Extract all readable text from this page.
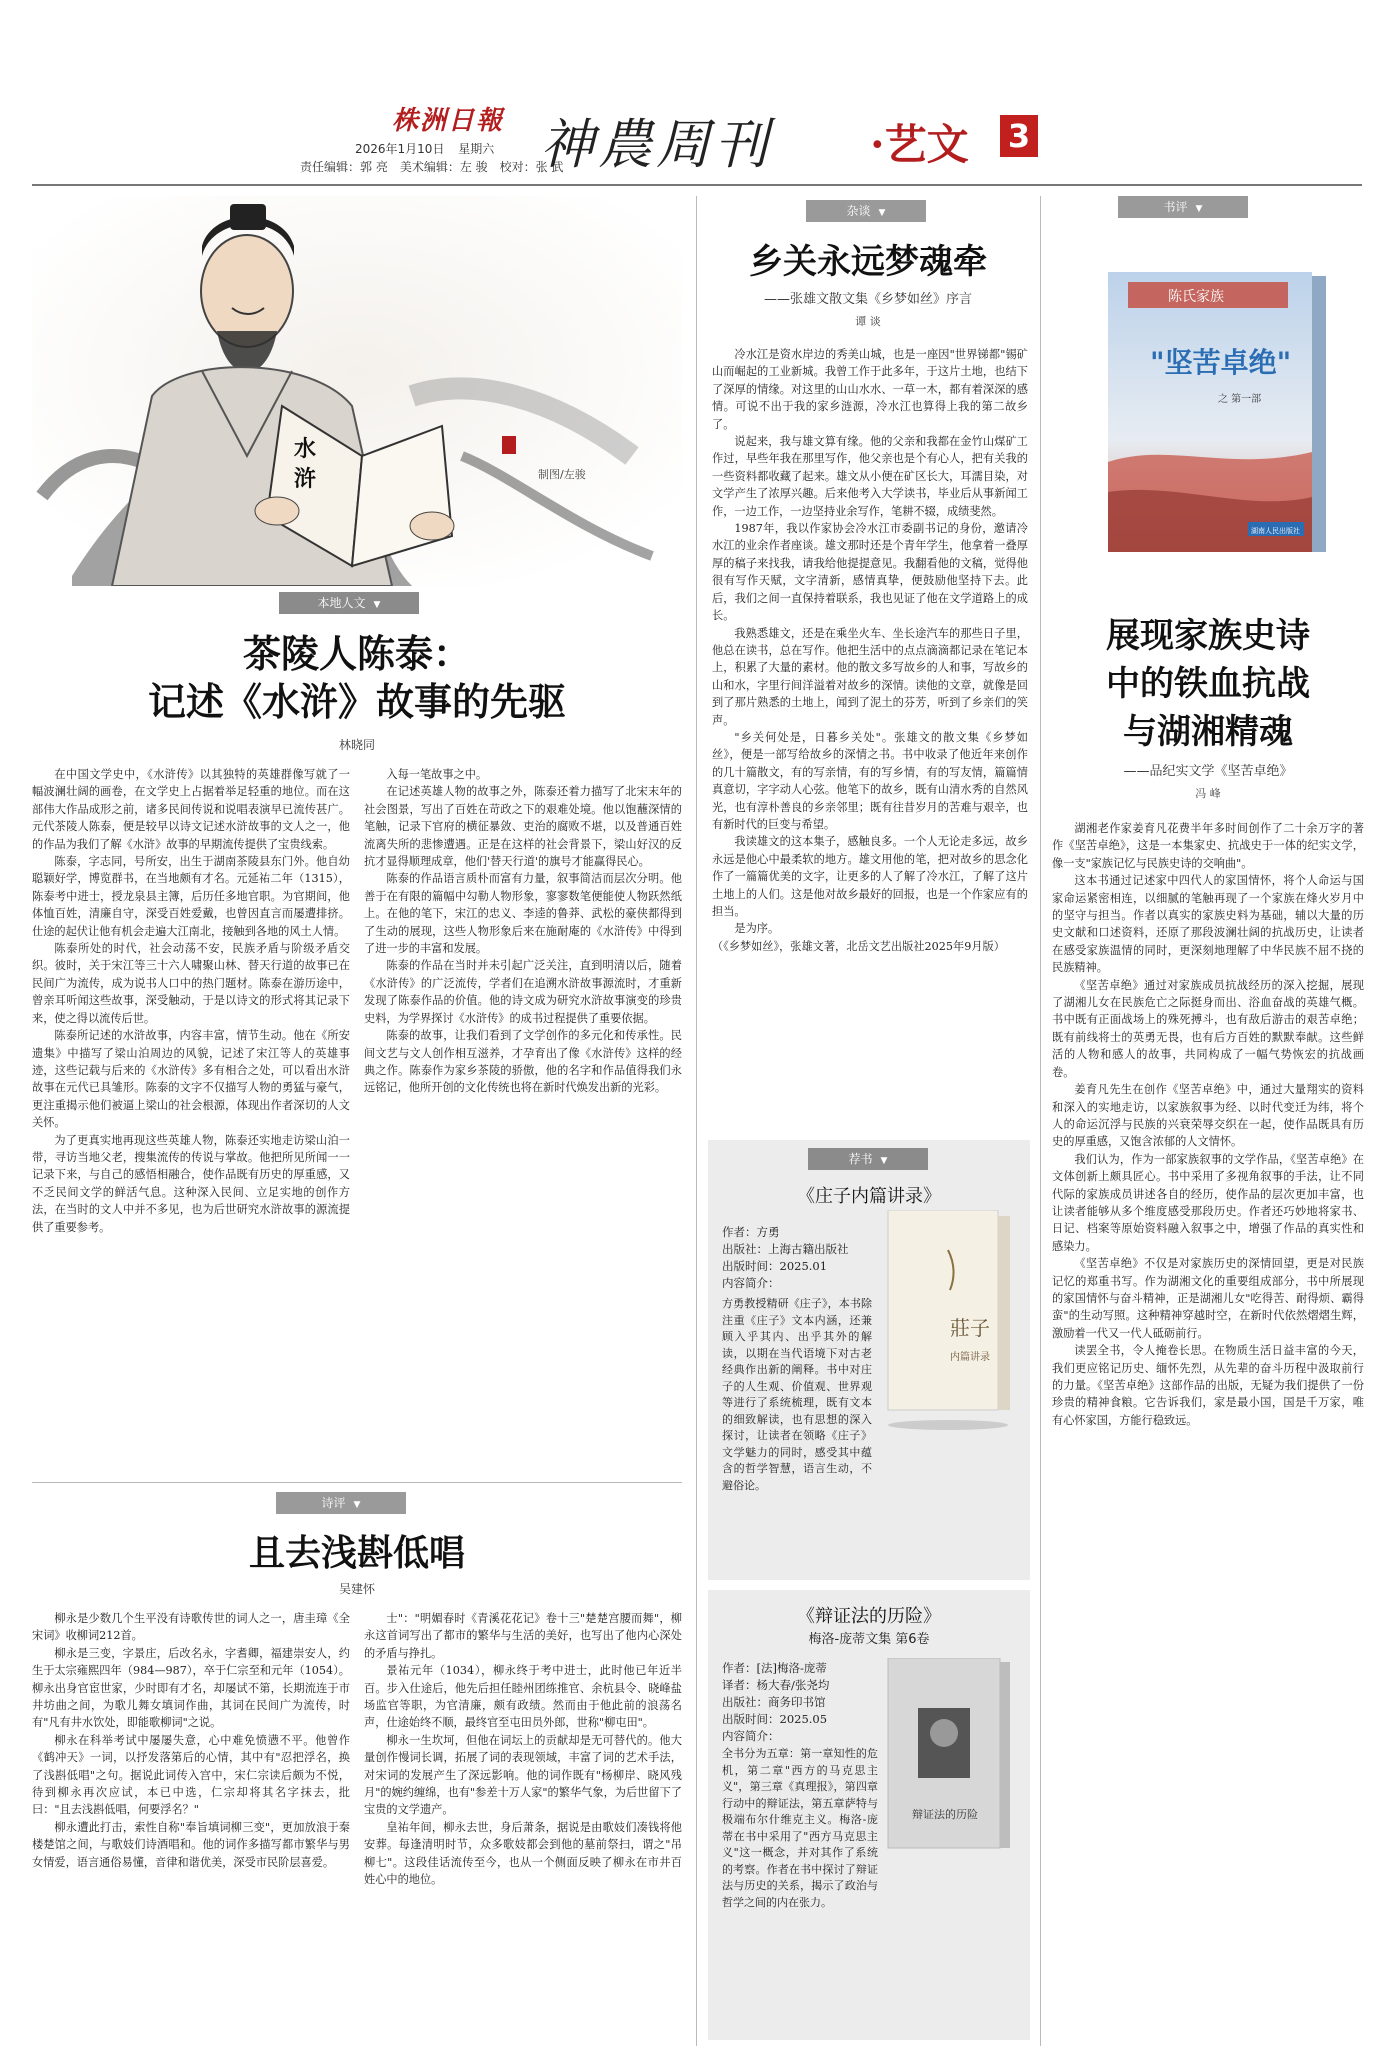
株洲日報
2026年1月10日 星期六
责任编辑：郭 亮　美术编辑：左 骏　校对：张 武
神農周刊 ·艺文 3
水
浒	制图/左骏
本地人文 ▼
茶陵人陈泰：
记述《水浒》故事的先驱
林晓同

在中国文学史中，《水浒传》以其独特的英雄群像写就了一幅波澜壮阔的画卷，在文学史上占据着举足轻重的地位。而在这部伟大作品成形之前，诸多民间传说和说唱表演早已流传甚广。元代茶陵人陈泰，便是较早以诗文记述水浒故事的文人之一，他的作品为我们了解《水浒》故事的早期流传提供了宝贵线索。

陈泰，字志同，号所安，出生于湖南茶陵县东门外。他自幼聪颖好学，博览群书，在当地颇有才名。元延祐二年（1315），陈泰考中进士，授龙泉县主簿，后历任多地官职。为官期间，他体恤百姓，清廉自守，深受百姓爱戴，也曾因直言而屡遭排挤。仕途的起伏让他有机会走遍大江南北，接触到各地的风土人情。

陈泰所处的时代，社会动荡不安，民族矛盾与阶级矛盾交织。彼时，关于宋江等三十六人啸聚山林、替天行道的故事已在民间广为流传，成为说书人口中的热门题材。陈泰在游历途中，曾亲耳听闻这些故事，深受触动，于是以诗文的形式将其记录下来，使之得以流传后世。

陈泰所记述的水浒故事，内容丰富，情节生动。他在《所安遗集》中描写了梁山泊周边的风貌，记述了宋江等人的英雄事迹，这些记载与后来的《水浒传》多有相合之处，可以看出水浒故事在元代已具雏形。陈泰的文字不仅描写人物的勇猛与豪气，更注重揭示他们被逼上梁山的社会根源，体现出作者深切的人文关怀。

为了更真实地再现这些英雄人物，陈泰还实地走访梁山泊一带，寻访当地父老，搜集流传的传说与掌故。他把所见所闻一一记录下来，与自己的感悟相融合，使作品既有历史的厚重感，又不乏民间文学的鲜活气息。这种深入民间、立足实地的创作方法，在当时的文人中并不多见，也为后世研究水浒故事的源流提供了重要参考。

入每一笔故事之中。

在记述英雄人物的故事之外，陈泰还着力描写了北宋末年的社会图景，写出了百姓在苛政之下的艰难处境。他以饱蘸深情的笔触，记录下官府的横征暴敛、吏治的腐败不堪，以及普通百姓流离失所的悲惨遭遇。正是在这样的社会背景下，梁山好汉的反抗才显得顺理成章，他们'替天行道'的旗号才能赢得民心。

陈泰的作品语言质朴而富有力量，叙事简洁而层次分明。他善于在有限的篇幅中勾勒人物形象，寥寥数笔便能使人物跃然纸上。在他的笔下，宋江的忠义、李逵的鲁莽、武松的豪侠都得到了生动的展现，这些人物形象后来在施耐庵的《水浒传》中得到了进一步的丰富和发展。

陈泰的作品在当时并未引起广泛关注，直到明清以后，随着《水浒传》的广泛流传，学者们在追溯水浒故事源流时，才重新发现了陈泰作品的价值。他的诗文成为研究水浒故事演变的珍贵史料，为学界探讨《水浒传》的成书过程提供了重要依据。

陈泰的故事，让我们看到了文学创作的多元化和传承性。民间文艺与文人创作相互滋养，才孕育出了像《水浒传》这样的经典之作。陈泰作为家乡茶陵的骄傲，他的名字和作品值得我们永远铭记，他所开创的文化传统也将在新时代焕发出新的光彩。

诗评 ▼
且去浅斟低唱
吴建怀

柳永是少数几个生平没有诗歌传世的词人之一，唐圭璋《全宋词》收柳词212首。

柳永是三变，字景庄，后改名永，字耆卿，福建崇安人，约生于太宗雍熙四年（984—987），卒于仁宗至和元年（1054）。柳永出身官宦世家，少时即有才名，却屡试不第，长期流连于市井坊曲之间，为歌儿舞女填词作曲，其词在民间广为流传，时有"凡有井水饮处，即能歌柳词"之说。

柳永在科举考试中屡屡失意，心中难免愤懑不平。他曾作《鹤冲天》一词，以抒发落第后的心情，其中有"忍把浮名，换了浅斟低唱"之句。据说此词传入宫中，宋仁宗读后颇为不悦，待到柳永再次应试，本已中选，仁宗却将其名字抹去，批曰："且去浅斟低唱，何要浮名？"

柳永遭此打击，索性自称"奉旨填词柳三变"，更加放浪于秦楼楚馆之间，与歌妓们诗酒唱和。他的词作多描写都市繁华与男女情爱，语言通俗易懂，音律和谐优美，深受市民阶层喜爱。

士"："明媚春时《青溪花花记》卷十三"楚楚宫腰而舞"，柳永这首词写出了都市的繁华与生活的美好，也写出了他内心深处的矛盾与挣扎。

景祐元年（1034），柳永终于考中进士，此时他已年近半百。步入仕途后，他先后担任睦州团练推官、余杭县令、晓峰盐场监官等职，为官清廉，颇有政绩。然而由于他此前的浪荡名声，仕途始终不顺，最终官至屯田员外郎，世称"柳屯田"。

柳永一生坎坷，但他在词坛上的贡献却是无可替代的。他大量创作慢词长调，拓展了词的表现领域，丰富了词的艺术手法，对宋词的发展产生了深远影响。他的词作既有"杨柳岸、晓风残月"的婉约缠绵，也有"参差十万人家"的繁华气象，为后世留下了宝贵的文学遗产。

皇祐年间，柳永去世，身后萧条，据说是由歌妓们凑钱将他安葬。每逢清明时节，众多歌妓都会到他的墓前祭扫，谓之"吊柳七"。这段佳话流传至今，也从一个侧面反映了柳永在市井百姓心中的地位。

杂谈 ▼
乡关永远梦魂牵
——张雄文散文集《乡梦如丝》序言
谭 谈

冷水江是资水岸边的秀美山城，也是一座因"世界锑都"锡矿山而崛起的工业新城。我曾工作于此多年，于这片土地，也结下了深厚的情缘。对这里的山山水水、一草一木，都有着深深的感情。可说不出于我的家乡涟源，冷水江也算得上我的第二故乡了。

说起来，我与雄文算有缘。他的父亲和我都在金竹山煤矿工作过，早些年我在那里写作，他父亲也是个有心人，把有关我的一些资料都收藏了起来。雄文从小便在矿区长大，耳濡目染，对文学产生了浓厚兴趣。后来他考入大学读书，毕业后从事新闻工作，一边工作，一边坚持业余写作，笔耕不辍，成绩斐然。

1987年，我以作家协会冷水江市委副书记的身份，邀请冷水江的业余作者座谈。雄文那时还是个青年学生，他拿着一叠厚厚的稿子来找我，请我给他提提意见。我翻看他的文稿，觉得他很有写作天赋，文字清新，感情真挚，便鼓励他坚持下去。此后，我们之间一直保持着联系，我也见证了他在文学道路上的成长。

我熟悉雄文，还是在乘坐火车、坐长途汽车的那些日子里，他总在读书，总在写作。他把生活中的点点滴滴都记录在笔记本上，积累了大量的素材。他的散文多写故乡的人和事，写故乡的山和水，字里行间洋溢着对故乡的深情。读他的文章，就像是回到了那片熟悉的土地上，闻到了泥土的芬芳，听到了乡亲们的笑声。

"乡关何处是，日暮乡关处"。张雄文的散文集《乡梦如丝》，便是一部写给故乡的深情之书。书中收录了他近年来创作的几十篇散文，有的写亲情，有的写乡情，有的写友情，篇篇情真意切，字字动人心弦。他笔下的故乡，既有山清水秀的自然风光，也有淳朴善良的乡亲邻里；既有往昔岁月的苦难与艰辛，也有新时代的巨变与希望。

我读雄文的这本集子，感触良多。一个人无论走多远，故乡永远是他心中最柔软的地方。雄文用他的笔，把对故乡的思念化作了一篇篇优美的文字，让更多的人了解了冷水江，了解了这片土地上的人们。这是他对故乡最好的回报，也是一个作家应有的担当。

是为序。

（《乡梦如丝》，张雄文著，北岳文艺出版社2025年9月版）

荐书 ▼
《庄子内篇讲录》
作者：方勇
出版社：上海古籍出版社
出版时间：2025.01
内容简介：
莊子
内篇讲录
方勇教授精研《庄子》，本书除注重《庄子》文本内涵，还兼顾入乎其内、出乎其外的解读，以期在当代语境下对古老经典作出新的阐释。书中对庄子的人生观、价值观、世界观等进行了系统梳理，既有文本的细致解读，也有思想的深入探讨，让读者在领略《庄子》文学魅力的同时，感受其中蕴含的哲学智慧，语言生动，不避俗论。
《辩证法的历险》
梅洛-庞蒂文集 第6卷
作者：[法]梅洛-庞蒂
译者：杨大春/张尧均
出版社：商务印书馆
出版时间：2025.05
内容简介：
辩证法的历险
全书分为五章：第一章知性的危机，第二章"西方的马克思主义"，第三章《真理报》，第四章行动中的辩证法，第五章萨特与极端布尔什维克主义。梅洛-庞蒂在书中采用了"西方马克思主义"这一概念，并对其作了系统的考察。作者在书中探讨了辩证法与历史的关系，揭示了政治与哲学之间的内在张力。
书评 ▼
陈氏家族
"坚苦卓绝"
之 第一部
湖南人民出版社
展现家族史诗
中的铁血抗战
与湖湘精魂
——品纪实文学《坚苦卓绝》
冯 峰

湖湘老作家姜育凡花费半年多时间创作了二十余万字的著作《坚苦卓绝》，这是一本集家史、抗战史于一体的纪实文学，像一支"家族记忆与民族史诗的交响曲"。

这本书通过记述家中四代人的家国情怀，将个人命运与国家命运紧密相连，以细腻的笔触再现了一个家族在烽火岁月中的坚守与担当。作者以真实的家族史料为基础，辅以大量的历史文献和口述资料，还原了那段波澜壮阔的抗战历史，让读者在感受家族温情的同时，更深刻地理解了中华民族不屈不挠的民族精神。

《坚苦卓绝》通过对家族成员抗战经历的深入挖掘，展现了湖湘儿女在民族危亡之际挺身而出、浴血奋战的英雄气概。书中既有正面战场上的殊死搏斗，也有敌后游击的艰苦卓绝；既有前线将士的英勇无畏，也有后方百姓的默默奉献。这些鲜活的人物和感人的故事，共同构成了一幅气势恢宏的抗战画卷。

姜育凡先生在创作《坚苦卓绝》中，通过大量翔实的资料和深入的实地走访，以家族叙事为经、以时代变迁为纬，将个人的命运沉浮与民族的兴衰荣辱交织在一起，使作品既具有历史的厚重感，又饱含浓郁的人文情怀。

我们认为，作为一部家族叙事的文学作品，《坚苦卓绝》在文体创新上颇具匠心。书中采用了多视角叙事的手法，让不同代际的家族成员讲述各自的经历，使作品的层次更加丰富，也让读者能够从多个维度感受那段历史。作者还巧妙地将家书、日记、档案等原始资料融入叙事之中，增强了作品的真实性和感染力。

《坚苦卓绝》不仅是对家族历史的深情回望，更是对民族记忆的郑重书写。作为湖湘文化的重要组成部分，书中所展现的家国情怀与奋斗精神，正是湖湘儿女"吃得苦、耐得烦、霸得蛮"的生动写照。这种精神穿越时空，在新时代依然熠熠生辉，激励着一代又一代人砥砺前行。

读罢全书，令人掩卷长思。在物质生活日益丰富的今天，我们更应铭记历史、缅怀先烈，从先辈的奋斗历程中汲取前行的力量。《坚苦卓绝》这部作品的出版，无疑为我们提供了一份珍贵的精神食粮。它告诉我们，家是最小国，国是千万家，唯有心怀家国，方能行稳致远。
